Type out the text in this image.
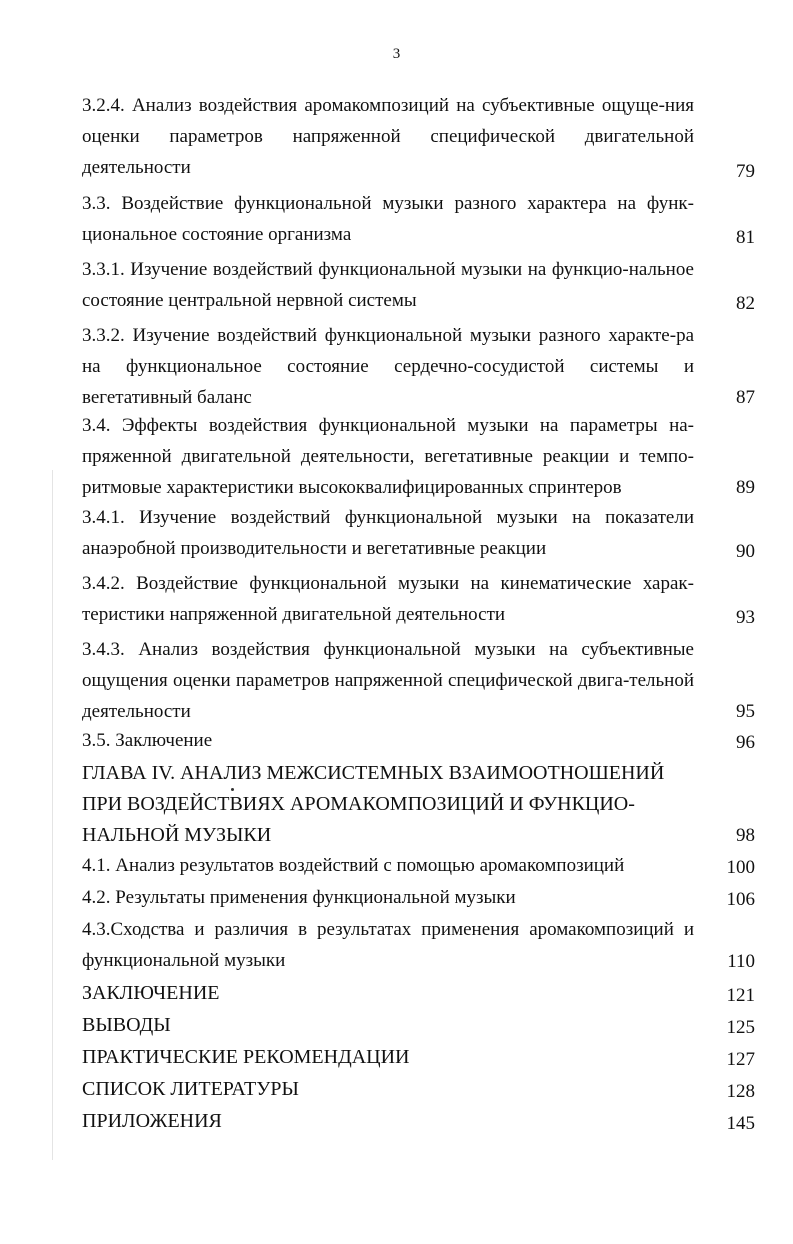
3
3.2.4. Анализ воздействия аромакомпозиций на субъективные ощуще-ния оценки параметров напряженной специфической двигательной деятельности	79
3.3. Воздействие функциональной музыки разного характера на функ-циональное состояние организма	81
3.3.1. Изучение воздействий функциональной музыки на функцио-нальное состояние центральной нервной системы	82
3.3.2. Изучение воздействий функциональной музыки разного характе-ра на функциональное состояние сердечно-сосудистой системы и вегетативный баланс	87
3.4. Эффекты воздействия функциональной музыки на параметры на-пряженной двигательной деятельности, вегетативные реакции и темпо-ритмовые характеристики высококвалифицированных спринтеров	89
3.4.1. Изучение воздействий функциональной музыки на показатели анаэробной производительности и вегетативные реакции	90
3.4.2. Воздействие функциональной музыки на кинематические харак-теристики напряженной двигательной деятельности	93
3.4.3. Анализ воздействия функциональной музыки на субъективные ощущения оценки параметров напряженной специфической двига-тельной деятельности	95
3.5. Заключение	96
ГЛАВА IV. АНАЛИЗ МЕЖСИСТЕМНЫХ ВЗАИМООТНОШЕНИЙ ПРИ ВОЗДЕЙСТВИЯХ АРОМАКОМПОЗИЦИЙ И ФУНКЦИО-НАЛЬНОЙ МУЗЫКИ	98
4.1. Анализ результатов воздействий с помощью аромакомпозиций	100
4.2. Результаты применения функциональной музыки	106
4.3.Сходства и различия в результатах применения аромакомпозиций и функциональной музыки	110
ЗАКЛЮЧЕНИЕ	121
ВЫВОДЫ	125
ПРАКТИЧЕСКИЕ РЕКОМЕНДАЦИИ	127
СПИСОК ЛИТЕРАТУРЫ	128
ПРИЛОЖЕНИЯ	145
